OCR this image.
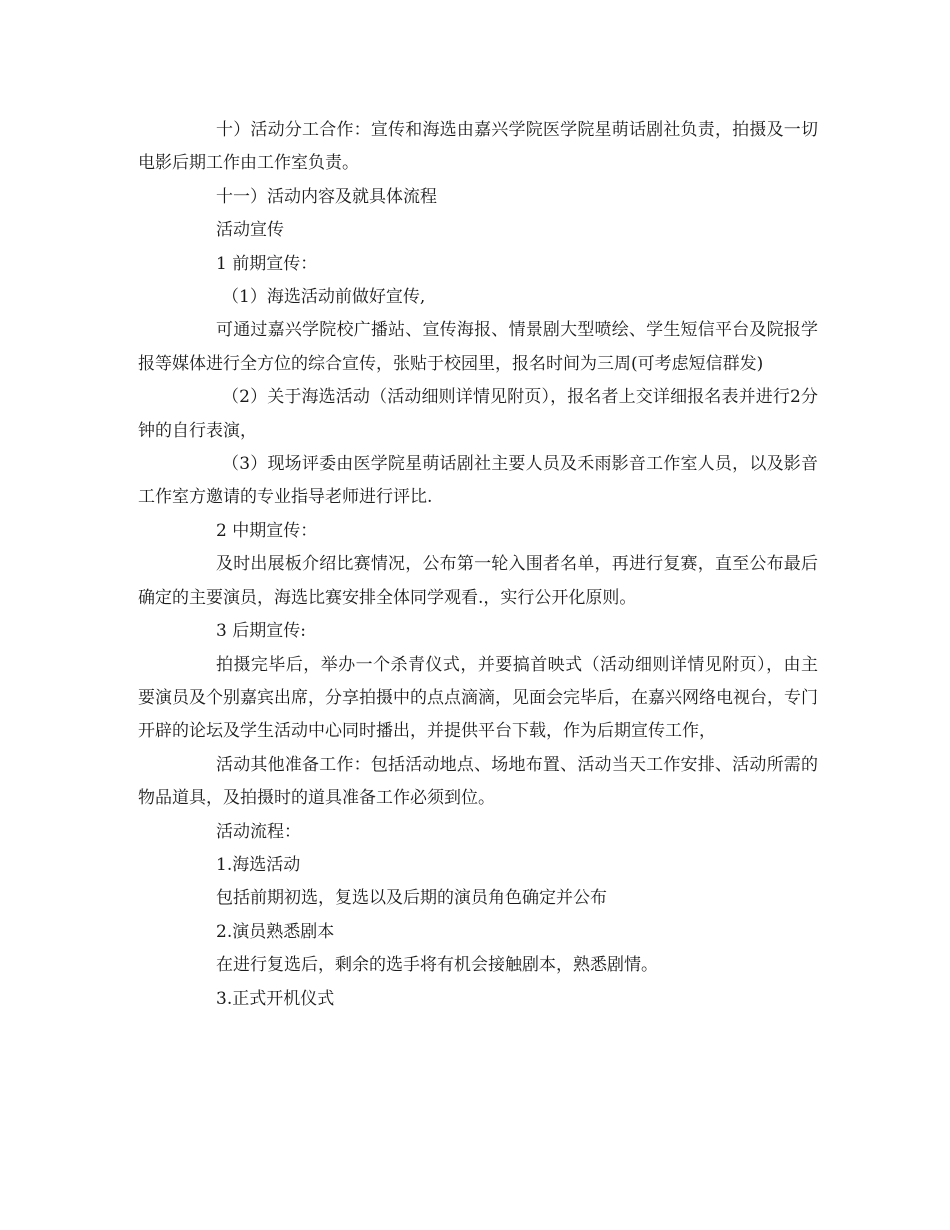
十）活动分工合作：宣传和海选由嘉兴学院医学院星萌话剧社负责，拍摄及一切电影后期工作由工作室负责。

十一）活动内容及就具体流程

活动宣传

1 前期宣传：

（1）海选活动前做好宣传,

可通过嘉兴学院校广播站、宣传海报、情景剧大型喷绘、学生短信平台及院报学报等媒体进行全方位的综合宣传，张贴于校园里，报名时间为三周(可考虑短信群发)

（2）关于海选活动（活动细则详情见附页），报名者上交详细报名表并进行2分钟的自行表演，

（3）现场评委由医学院星萌话剧社主要人员及禾雨影音工作室人员，以及影音工作室方邀请的专业指导老师进行评比.

2 中期宣传：

及时出展板介绍比赛情况，公布第一轮入围者名单，再进行复赛，直至公布最后确定的主要演员，海选比赛安排全体同学观看.，实行公开化原则。

3 后期宣传:

拍摄完毕后，举办一个杀青仪式，并要搞首映式（活动细则详情见附页），由主要演员及个别嘉宾出席，分享拍摄中的点点滴滴，见面会完毕后，在嘉兴网络电视台，专门开辟的论坛及学生活动中心同时播出，并提供平台下载，作为后期宣传工作，

活动其他准备工作：包括活动地点、场地布置、活动当天工作安排、活动所需的物品道具，及拍摄时的道具准备工作必须到位。

活动流程：

1.海选活动

包括前期初选，复选以及后期的演员角色确定并公布

2.演员熟悉剧本

在进行复选后，剩余的选手将有机会接触剧本，熟悉剧情。

3.正式开机仪式
